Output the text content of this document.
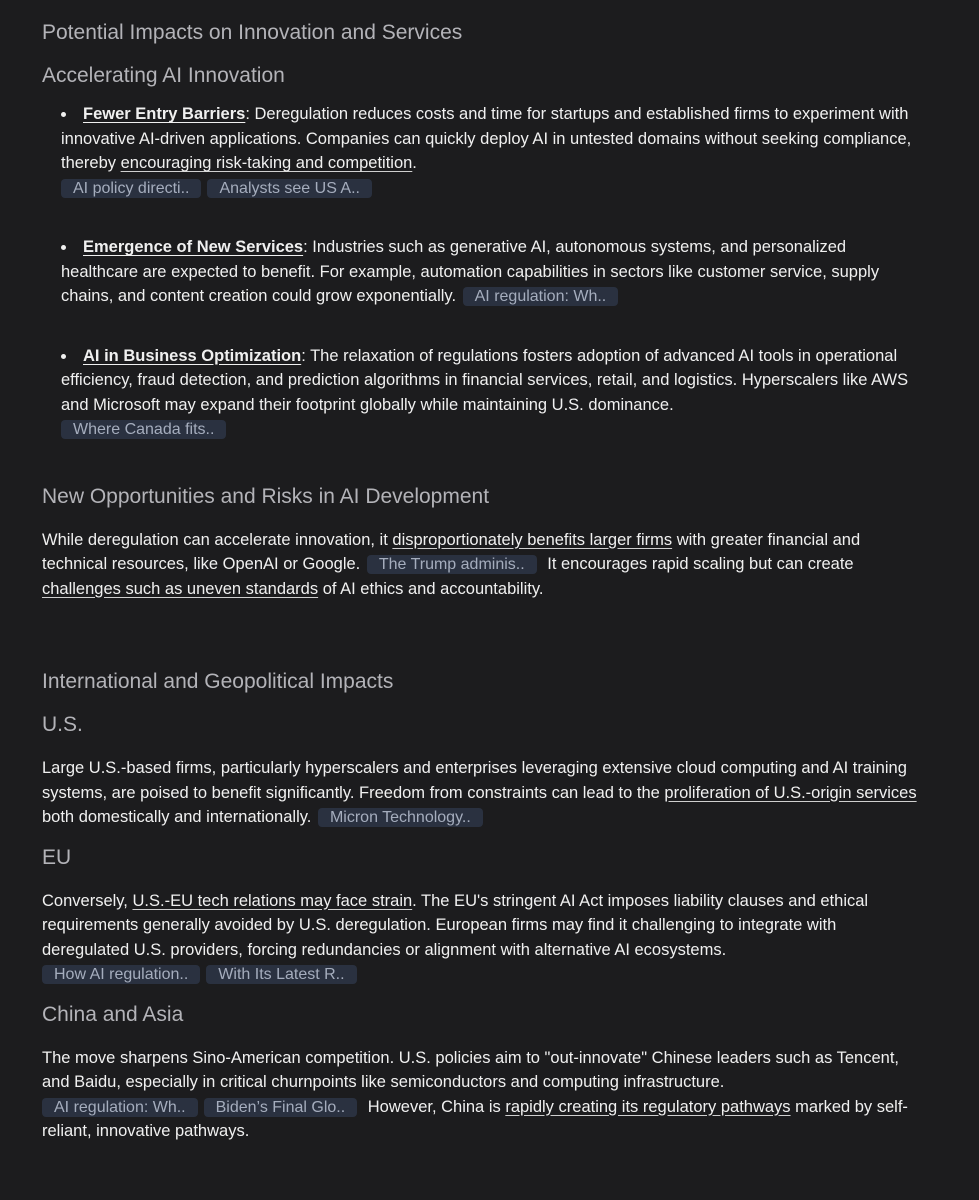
Potential Impacts on Innovation and Services
Accelerating AI Innovation
Fewer Entry Barriers: Deregulation reduces costs and time for startups and established firms to experiment with innovative AI-driven applications. Companies can quickly deploy AI in untested domains without seeking compliance, thereby encouraging risk-taking and competition.
AI policy directi.. Analysts see US A..
Emergence of New Services: Industries such as generative AI, autonomous systems, and personalized healthcare are expected to benefit. For example, automation capabilities in sectors like customer service, supply chains, and content creation could grow exponentially. AI regulation: Wh..
AI in Business Optimization: The relaxation of regulations fosters adoption of advanced AI tools in operational efficiency, fraud detection, and prediction algorithms in financial services, retail, and logistics. Hyperscalers like AWS and Microsoft may expand their footprint globally while maintaining U.S. dominance.
Where Canada fits..
New Opportunities and Risks in AI Development

While deregulation can accelerate innovation, it disproportionately benefits larger firms with greater financial and technical resources, like OpenAI or Google. The Trump adminis.. It encourages rapid scaling but can create challenges such as uneven standards of AI ethics and accountability.

International and Geopolitical Impacts
U.S.

Large U.S.-based firms, particularly hyperscalers and enterprises leveraging extensive cloud computing and AI training systems, are poised to benefit significantly. Freedom from constraints can lead to the proliferation of U.S.-origin services both domestically and internationally. Micron Technology..

EU

Conversely, U.S.-EU tech relations may face strain. The EU's stringent AI Act imposes liability clauses and ethical requirements generally avoided by U.S. deregulation. European firms may find it challenging to integrate with deregulated U.S. providers, forcing redundancies or alignment with alternative AI ecosystems.
How AI regulation.. With Its Latest R..

China and Asia

The move sharpens Sino-American competition. U.S. policies aim to "out-innovate" Chinese leaders such as Tencent, and Baidu, especially in critical churnpoints like semiconductors and computing infrastructure.
AI regulation: Wh.. Biden’s Final Glo.. However, China is rapidly creating its regulatory pathways marked by self-reliant, innovative pathways.
